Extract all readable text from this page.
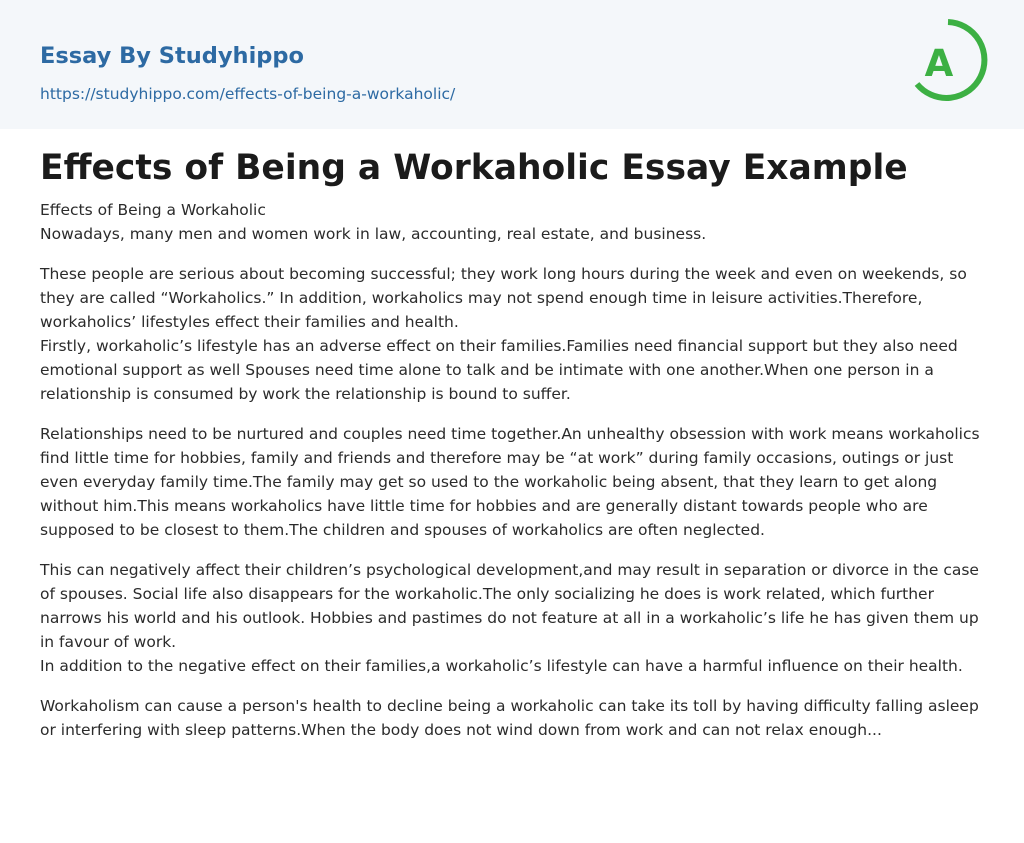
Essay By Studyhippo
https://studyhippo.com/effects-of-being-a-workaholic/
A
Effects of Being a Workaholic Essay Example

Effects of Being a Workaholic

Nowadays, many men and women work in law, accounting, real estate, and business.

These people are serious about becoming successful; they work long hours during the week and even on weekends, so they are called “Workaholics.” In addition, workaholics may not spend enough time in leisure activities.Therefore, workaholics’ lifestyles effect their families and health.

Firstly, workaholic’s lifestyle has an adverse effect on their families.Families need financial support but they also need emotional support as well Spouses need time alone to talk and be intimate with one another.When one person in a relationship is consumed by work the relationship is bound to suffer.

Relationships need to be nurtured and couples need time together.An unhealthy obsession with work means workaholics find little time for hobbies, family and friends and therefore may be “at work” during family occasions, outings or just even everyday family time.The family may get so used to the workaholic being absent, that they learn to get along without him.This means workaholics have little time for hobbies and are generally distant towards people who are supposed to be closest to them.The children and spouses of workaholics are often neglected.

This can negatively affect their children’s psychological development,and may result in separation or divorce in the case of spouses. Social life also disappears for the workaholic.The only socializing he does is work related, which further narrows his world and his outlook. Hobbies and pastimes do not feature at all in a workaholic’s life he has given them up in favour of work.

In addition to the negative effect on their families,a workaholic’s lifestyle can have a harmful influence on their health.

Workaholism can cause a person's health to decline being a workaholic can take its toll by having difficulty falling asleep or interfering with sleep patterns.When the body does not wind down from work and can not relax enough...
